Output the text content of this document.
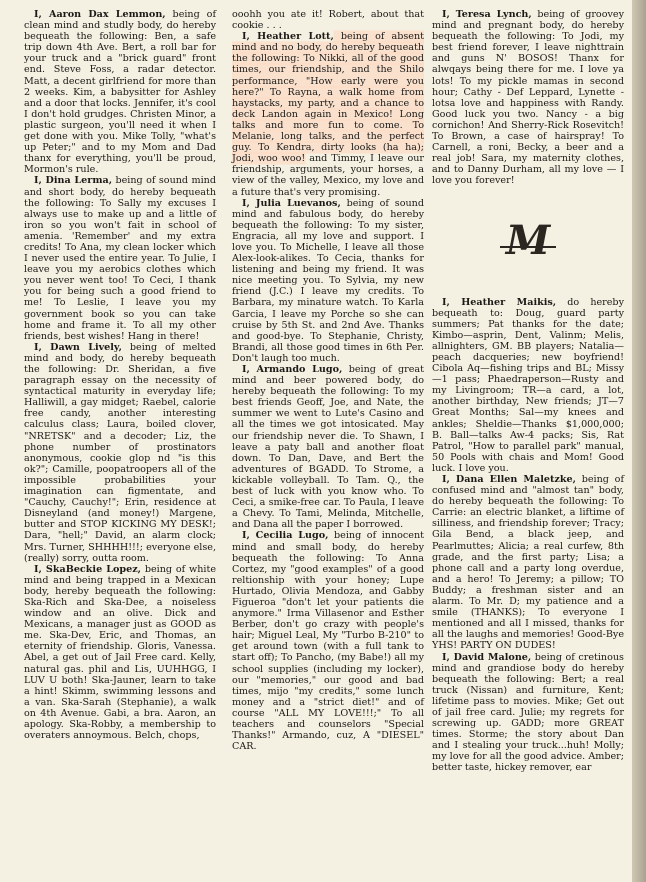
I, Aaron Dax Lemmon, being of clean mind and studly body, do hereby bequeath the following: Ben, a safe trip down 4th Ave. Bert, a roll bar for your truck and a "brick guard" front end. Steve Foss, a radar detector. Matt, a decent girlfriend for more than 2 weeks. Kim, a babysitter for Ashley and a door that locks. Jennifer, it's cool I don't hold grudges. Christen Minor, a plastic surgeon, you'll need it when I get done with you. Mike Tolly, "what's up Peter;" and to my Mom and Dad thanx for everything, you'll be proud, Mormon's rule.

I, Dina Lerma, being of sound mind and short body, do hereby bequeath the following: To Sally my excuses I always use to make up and a little of iron so you won't fait in school of amenia. 'Remember' and my extra credits! To Ana, my clean locker which I never used the entire year. To Julie, I leave you my aerobics clothes which you never went too! To Ceci, I thank you for being such a good friend to me! To Leslie, I leave you my government book so you can take home and frame it. To all my other friends, best wishes! Hang in there!

I, Dawn Lively, being of melted mind and body, do hereby bequeath the following: Dr. Sheridan, a five paragraph essay on the necessity of syntactical maturity in everyday life; Halliwill, a gay midget; Raebel, calorie free candy, another interesting calculus class; Laura, boiled clover, "NRETSK" and a decoder; Liz, the phone number of prostinators anonymous, cookie glop nd "is this ok?"; Camille, poopatroopers all of the impossible probabilities your imagination can figmentate, and "Cauchy, Cauchy!"; Erin, residence at Disneyland (and money!) Margene, butter and STOP KICKING MY DESK!; Dara, "hell;" David, an alarm clock; Mrs. Turner, SHHHH!!!; everyone else, (really) sorry, outta room.

I, SkaBeckie Lopez, being of white mind and being trapped in a Mexican body, hereby bequeath the following: Ska-Rich and Ska-Dee, a noiseless window and an olive. Dick and Mexicans, a manager just as GOOD as me. Ska-Dev, Eric, and Thomas, an eternity of friendship. Gloris, Vanessa. Abel, a get out of Jail Free card. Kelly, natural gas. phil and Lis, UUHHGG, I LUV U both! Ska-Jauner, learn to take a hint! Skimm, swimming lessons and a van. Ska-Sarah (Stephanie), a walk on 4th Avenue. Gabi, a bra. Aaron, an apology. Ska-Robby, a membership to overaters annoymous. Belch, chops,

ooohh you ate it! Robert, about that cookie . . .

I, Heather Lott, being of absent mind and no body, do hereby bequeath the following: To Nikki, all of the good times, our friendship, and the Shilo performance, "How early were you here?" To Rayna, a walk home from haystacks, my party, and a chance to deck Landon again in Mexico! Long talks and more fun to come. To Melanie, long talks, and the perfect guy. To Kendra, dirty looks (ha ha); Jodi, woo woo! and Timmy, I leave our friendship, arguments, your horses, a view of the valley, Mexico, my love and a future that's very promising.

I, Julia Luevanos, being of sound mind and fabulous body, do hereby bequeath the following: To my sister, Engracia, all my love and support. I love you. To Michelle, I leave all those Alex-look-alikes. To Cecia, thanks for listening and being my friend. It was nice meeting you. To Sylvia, my new friend (J.C.) I leave my credits. To Barbara, my minature watch. To Karla Garcia, I leave my Porche so she can cruise by 5th St. and 2nd Ave. Thanks and good-bye. To Stephanie, Christy, Brandi, all those good times in 6th Per. Don't laugh too much.

I, Armando Lugo, being of great mind and beer powered body, do hereby bequeath the following: To my best friends Geoff, Joe, and Nate, the summer we went to Lute's Casino and all the times we got intosicated. May our friendship never die. To Shawn, I leave a paty ball and another float down. To Dan, Dave, and Bert the adventures of BGADD. To Strome, a kickable volleyball. To Tam. Q., the best of luck with you know who. To Ceci, a smike-free car. To Paula, I leave a Chevy. To Tami, Melinda, Mitchelle, and Dana all the paper I borrowed.

I, Cecilia Lugo, being of innocent mind and small body, do hereby bequeath the following: To Anna Cortez, my "good examples" of a good reltionship with your honey; Lupe Hurtado, Olivia Mendoza, and Gabby Figueroa "don't let your patients die anymore." Irma Villasenor and Esther Berber, don't go crazy with people's hair; Miguel Leal, My "Turbo B-210" to get around town (with a full tank to start off); To Pancho, (my Babe!) all my school supplies (including my locker), our "memories," our good and bad times, mijo "my credits," some lunch money and a "strict diet!" and of course "ALL MY LOVE!!!;" To all teachers and counselors "Special Thanks!" Armando, cuz, A "DIESEL" CAR.

I, Teresa Lynch, being of groovey mind and pregnant body, do hereby bequeath the following: To Jodi, my best friend forever, I leave nighttrain and guns N' BOSOS! Thanx for alwqays being there for me. I love ya lots! To my pickle mamas in second hour; Cathy - Def Leppard, Lynette - lotsa love and happiness with Randy. Good luck you two. Nancy - a big cornichon! And Sherry-Rick Rosevitch! To Brown, a case of hairspray! To Carnell, a roni, Becky, a beer and a real job! Sara, my maternity clothes, and to Danny Durham, all my love — I love you forever!

M

I, Heather Maikis, do hereby bequeath to: Doug, guard party summers; Pat thanks for the date; Kimbo—asprin, Dent, Valinm; Melis, allnighters, GM. BB players; Natalia—peach dacqueries; new boyfriend! Cibola Aq—fishing trips and BL; Missy—1 pass; Phaedraperson—Rusty and my Livingroom; TR—a card, a lot, another birthday, New friends; JT—7 Great Months; Sal—my knees and ankles; Sheldie—Thanks $1,000,000; B. Ball—talks Aw-4 packs; Sis, Rat Patrol, "How to parallel park" manual, 50 Pools with chais and Mom! Good luck. I love you.

I, Dana Ellen Maletzke, being of confused mind and "almost tan" body, do hereby bequeath the following: To Carrie: an electric blanket, a liftime of silliness, and friendship forever; Tracy; Gila Bend, a black jeep, and Pearlmuttes; Alicia; a real curfew, 8th grade, and the first party; Lisa; a phone call and a party long overdue, and a hero! To Jeremy; a pillow; TO Buddy; a freshman sister and an alarm. To Mr. D; my patience and a smile (THANKS); To everyone I mentioned and all I missed, thanks for all the laughs and memories! Good-Bye YHS! PARTY ON DUDES!

I, David Malone, being of cretinous mind and grandiose body do hereby bequeath the following: Bert; a real truck (Nissan) and furniture, Kent; lifetime pass to movies. Mike; Get out of jail free card. Julie; my regrets for screwing up. GADD; more GREAT times. Storme; the story about Dan and I stealing your truck...huh! Molly; my love for all the good advice. Amber; better taste, hickey remover, ear
